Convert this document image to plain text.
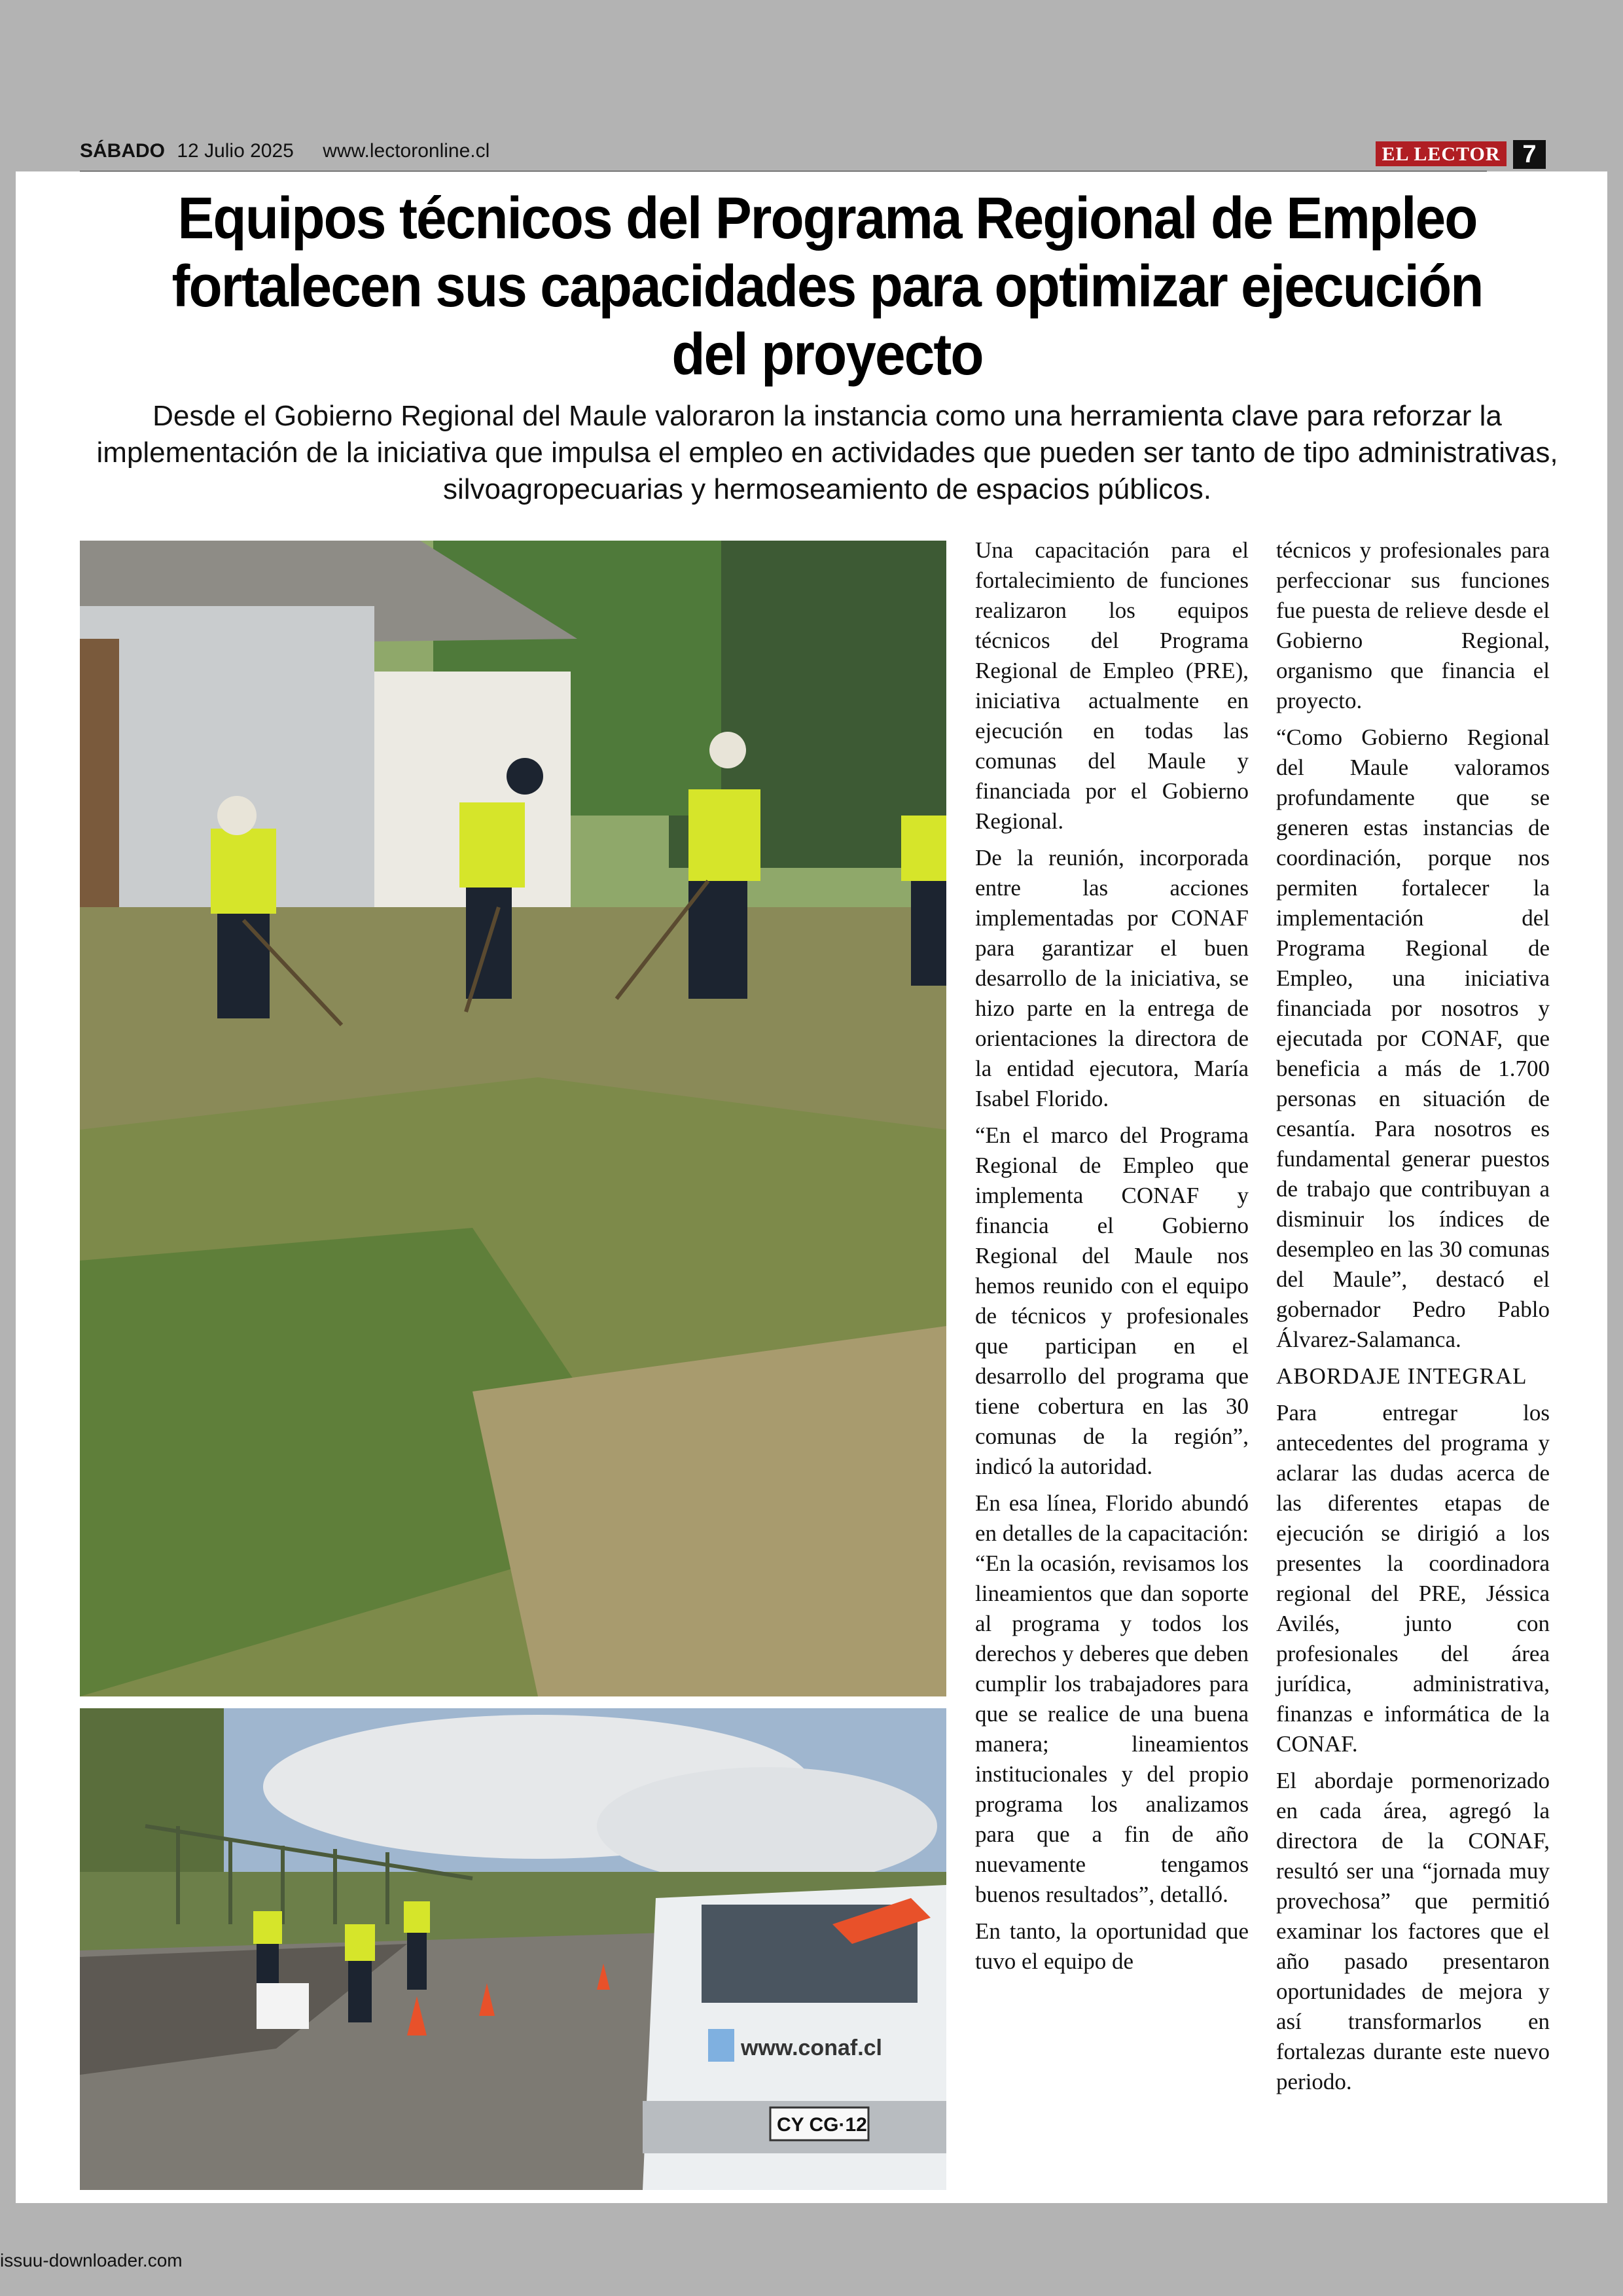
SÁBADO 12 Julio 2025 www.lectoronline.cl	EL LECTOR 7
Equipos técnicos del Programa Regional de Empleo fortalecen sus capacidades para optimizar ejecución del proyecto

Desde el Gobierno Regional del Maule valoraron la instancia como una herramienta clave para reforzar la implementación de la iniciativa que impulsa el empleo en actividades que pueden ser tanto de tipo administrativas, silvoagropecuarias y hermoseamiento de espacios públicos.

www.conaf.cl
CY CG·12

Una capacitación para el fortalecimiento de funciones realizaron los equipos técnicos del Programa Regional de Empleo (PRE), iniciativa actualmente en ejecución en todas las comunas del Maule y financiada por el Gobierno Regional.

De la reunión, incorporada entre las acciones implementadas por CONAF para garantizar el buen desarrollo de la iniciativa, se hizo parte en la entrega de orientaciones la directora de la entidad ejecutora, María Isabel Florido.

“En el marco del Programa Regional de Empleo que implementa CONAF y financia el Gobierno Regional del Maule nos hemos reunido con el equipo de técnicos y profesionales que participan en el desarrollo del programa que tiene cobertura en las 30 comunas de la región”, indicó la autoridad.

En esa línea, Florido abundó en detalles de la capacitación: “En la ocasión, revisamos los lineamientos que dan soporte al programa y todos los derechos y deberes que deben cumplir los trabajadores para que se realice de una buena manera; lineamientos institucionales y del propio programa los analizamos para que a fin de año nuevamente tengamos buenos resultados”, detalló.

En tanto, la oportunidad que tuvo el equipo de

técnicos y profesionales para perfeccionar sus funciones fue puesta de relieve desde el Gobierno Regional, organismo que financia el proyecto.

“Como Gobierno Regional del Maule valoramos profundamente que se generen estas instancias de coordinación, porque nos permiten fortalecer la implementación del Programa Regional de Empleo, una iniciativa financiada por nosotros y ejecutada por CONAF, que beneficia a más de 1.700 personas en situación de cesantía. Para nosotros es fundamental generar puestos de trabajo que contribuyan a disminuir los índices de desempleo en las 30 comunas del Maule”, destacó el gobernador Pedro Pablo Álvarez-Salamanca.

ABORDAJE INTEGRAL

Para entregar los antecedentes del programa y aclarar las dudas acerca de las diferentes etapas de ejecución se dirigió a los presentes la coordinadora regional del PRE, Jéssica Avilés, junto con profesionales del área jurídica, administrativa, finanzas e informática de la CONAF.

El abordaje pormenorizado en cada área, agregó la directora de la CONAF, resultó ser una “jornada muy provechosa” que permitió examinar los factores que el año pasado presentaron oportunidades de mejora y así transformarlos en fortalezas durante este nuevo periodo.

issuu-downloader.com
